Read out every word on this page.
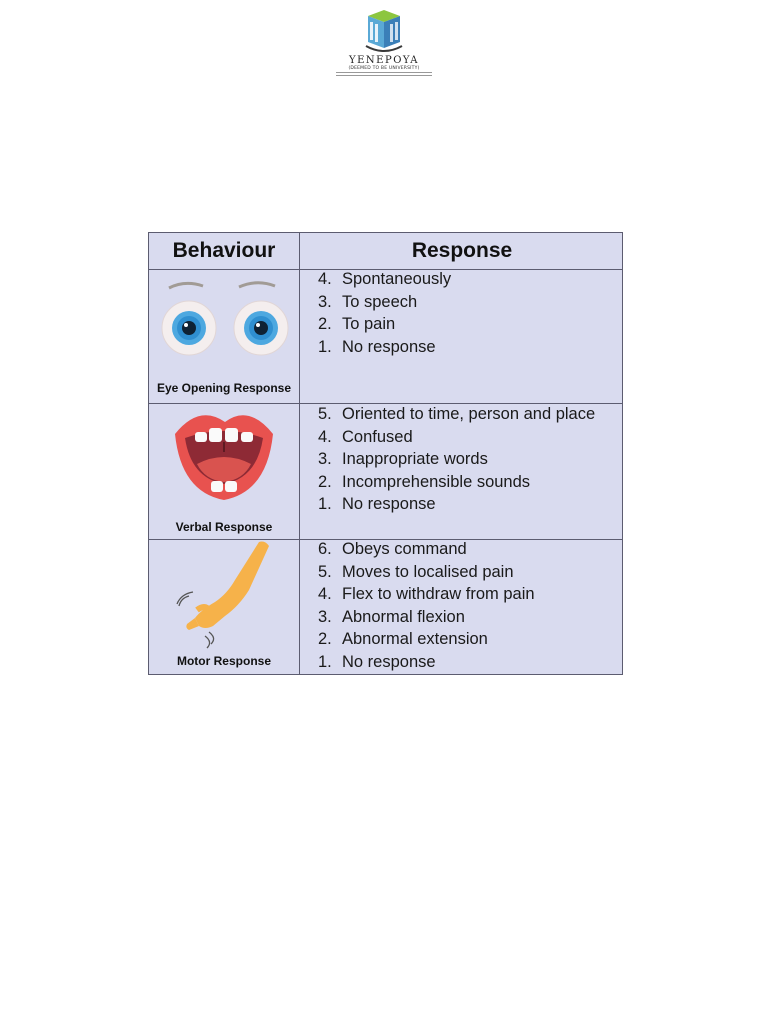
YENEPOYA
(DEEMED TO BE UNIVERSITY)
Behaviour	Response
Eye Opening Response
4. Spontaneously
3. To speech
2. To pain
1. No response
Verbal Response
5. Oriented to time, person and place
4. Confused
3. Inappropriate words
2. Incomprehensible sounds
1. No response
Motor Response
6. Obeys command
5. Moves to localised pain
4. Flex to withdraw from pain
3. Abnormal flexion
2. Abnormal extension
1. No response
